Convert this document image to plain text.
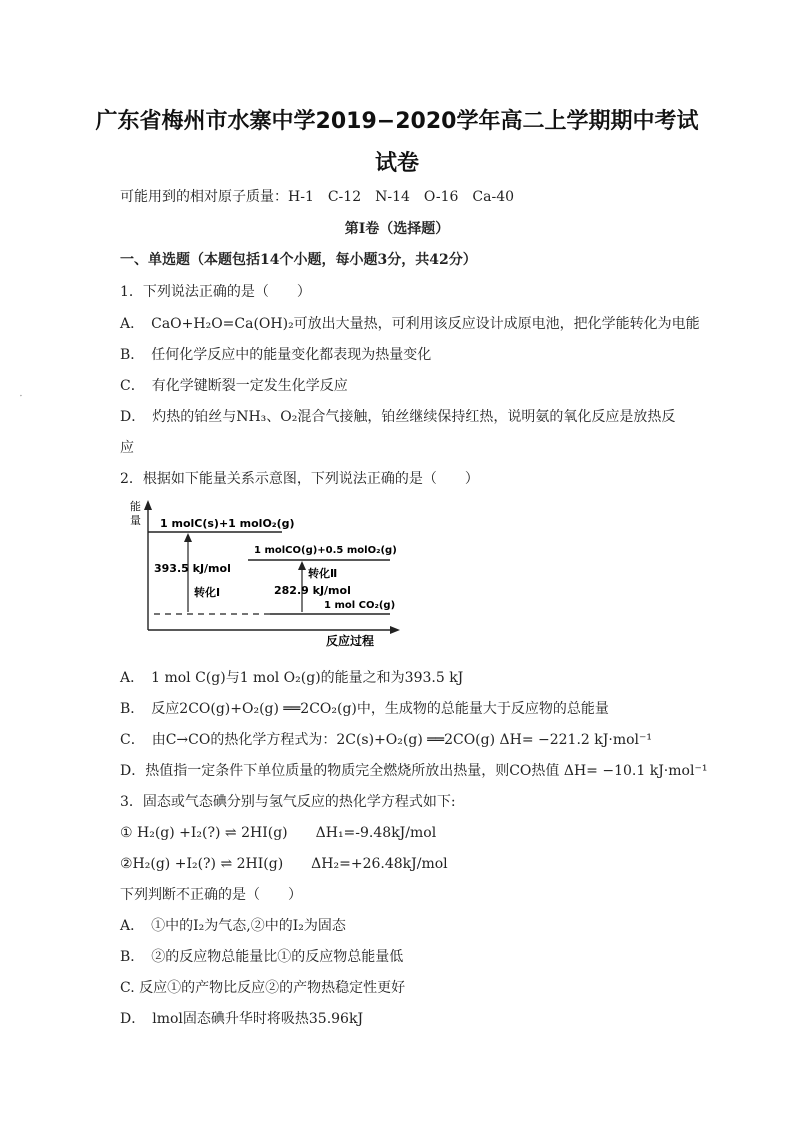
广东省梅州市水寨中学2019−2020学年高二上学期期中考试
试卷
可能用到的相对原子质量：H-1　C-12　N-14　O-16　Ca-40
第Ⅰ卷（选择题）
一、单选题（本题包括14个小题，每小题3分，共42分）
1．下列说法正确的是（　　）
A．　CaO+H₂O=Ca(OH)₂可放出大量热，可利用该反应设计成原电池，把化学能转化为电能
B．　任何化学反应中的能量变化都表现为热量变化
C．　有化学键断裂一定发生化学反应
D．　灼热的铂丝与NH₃、O₂混合气接触，铂丝继续保持红热，说明氨的氧化反应是放热反
应
2．根据如下能量关系示意图，下列说法正确的是（　　）
能
量
能量
反应过程
1 molC(s)+1 molO₂(g)
1 molCO(g)+0.5 molO₂(g)
1 mol CO₂(g)
393.5 kJ/mol
转化Ⅰ
转化Ⅱ
282.9 kJ/mol
A．　1 mol C(g)与1 mol O₂(g)的能量之和为393.5 kJ
B．　反应2CO(g)+O₂(g) ══2CO₂(g)中，生成物的总能量大于反应物的总能量
C．　由C→CO的热化学方程式为：2C(s)+O₂(g) ══2CO(g) ΔH= −221.2 kJ·mol⁻¹
D．热值指一定条件下单位质量的物质完全燃烧所放出热量，则CO热值 ΔH= −10.1 kJ·mol⁻¹
3．固态或气态碘分别与氢气反应的热化学方程式如下:
① H₂(g) +I₂(?) ⇌ 2HI(g)　　ΔH₁=-9.48kJ/mol
②H₂(g) +I₂(?) ⇌ 2HI(g)　　ΔH₂=+26.48kJ/mol
下列判断不正确的是（　　）
A．　①中的I₂为气态,②中的I₂为固态
B．　②的反应物总能量比①的反应物总能量低
C. 反应①的产物比反应②的产物热稳定性更好
D．　lmol固态碘升华时将吸热35.96kJ
